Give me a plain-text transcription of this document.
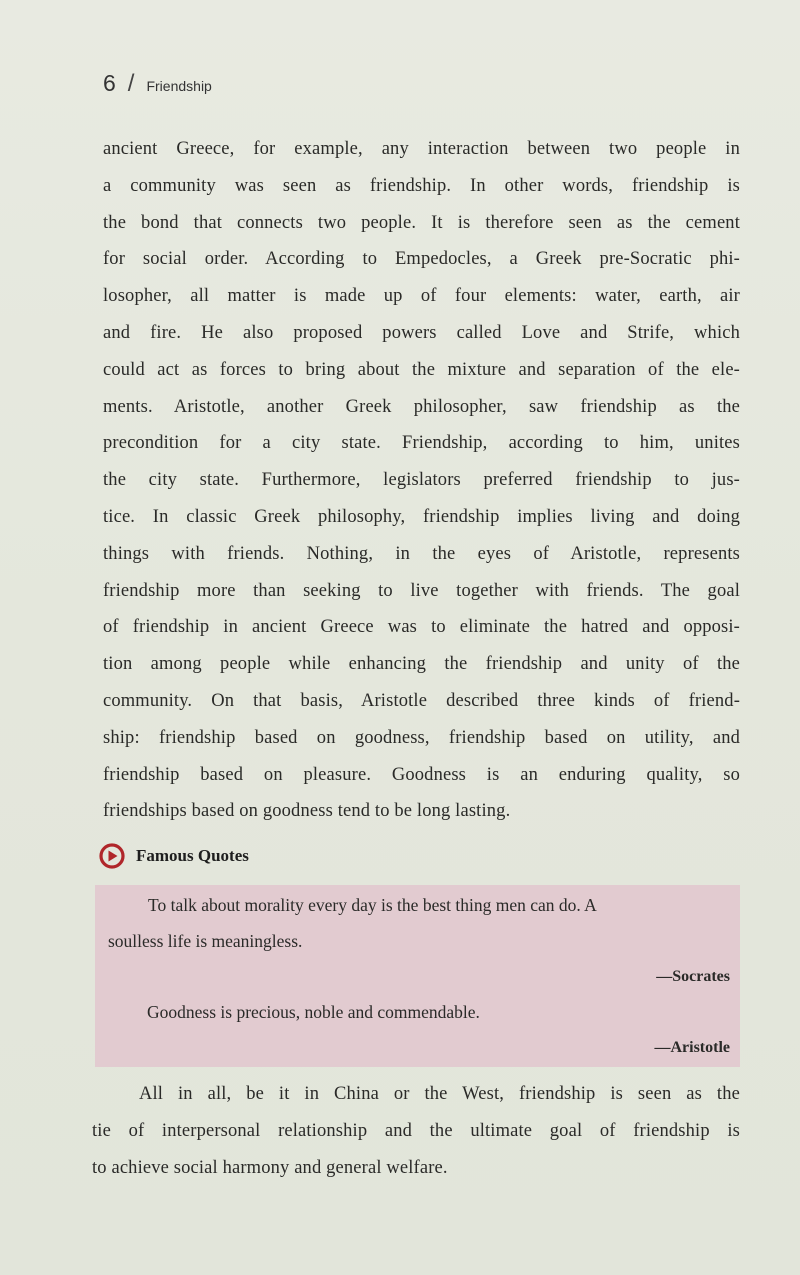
6 / Friendship
ancient Greece, for example, any interaction between two people in
a community was seen as friendship. In other words, friendship is
the bond that connects two people. It is therefore seen as the cement
for social order. According to Empedocles, a Greek pre-Socratic phi-
losopher, all matter is made up of four elements: water, earth, air
and fire. He also proposed powers called Love and Strife, which
could act as forces to bring about the mixture and separation of the ele-
ments. Aristotle, another Greek philosopher, saw friendship as the
precondition for a city state. Friendship, according to him, unites
the city state. Furthermore, legislators preferred friendship to jus-
tice. In classic Greek philosophy, friendship implies living and doing
things with friends. Nothing, in the eyes of Aristotle, represents
friendship more than seeking to live together with friends. The goal
of friendship in ancient Greece was to eliminate the hatred and opposi-
tion among people while enhancing the friendship and unity of the
community. On that basis, Aristotle described three kinds of friend-
ship: friendship based on goodness, friendship based on utility, and
friendship based on pleasure. Goodness is an enduring quality, so
friendships based on goodness tend to be long lasting.
Famous Quotes
To talk about morality every day is the best thing men can do. A
soulless life is meaningless.
—Socrates
Goodness is precious, noble and commendable.
—Aristotle
All in all, be it in China or the West, friendship is seen as the
tie of interpersonal relationship and the ultimate goal of friendship is
to achieve social harmony and general welfare.
